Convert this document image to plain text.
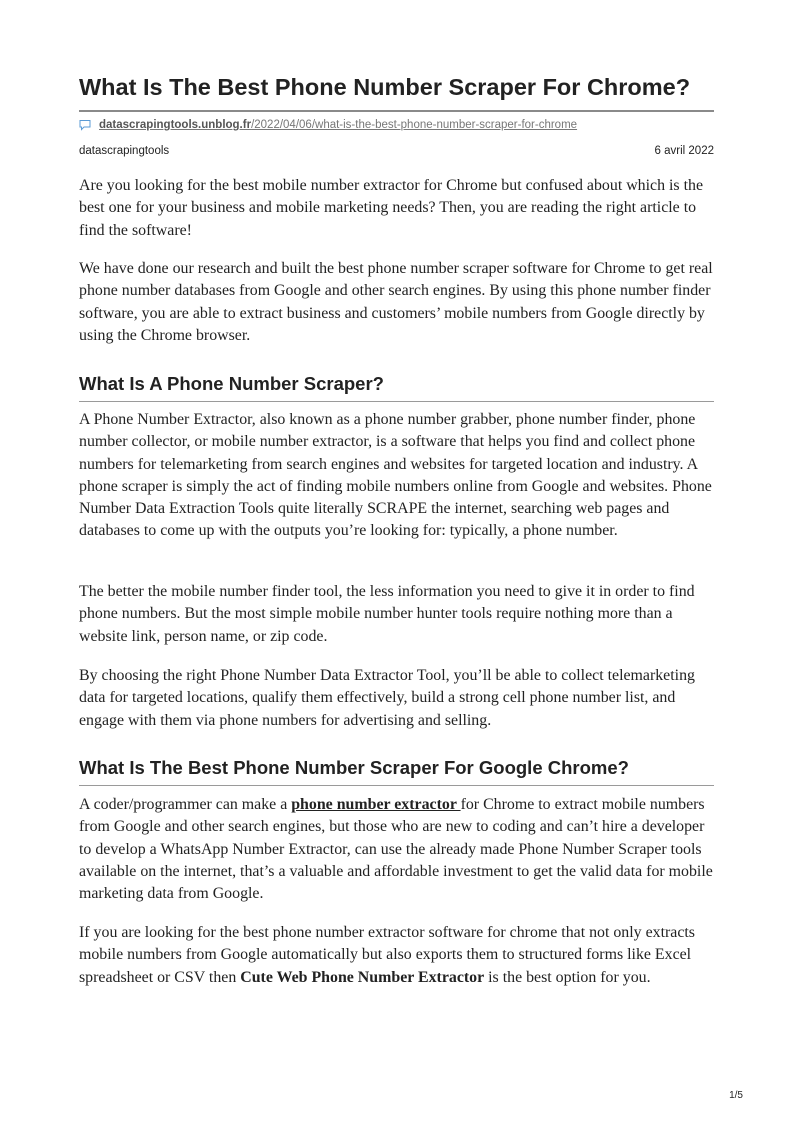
What Is The Best Phone Number Scraper For Chrome?
datascrapingtools.unblog.fr/2022/04/06/what-is-the-best-phone-number-scraper-for-chrome
datascrapingtools	6 avril 2022

Are you looking for the best mobile number extractor for Chrome but confused about which is the best one for your business and mobile marketing needs? Then, you are reading the right article to find the software!

We have done our research and built the best phone number scraper software for Chrome to get real phone number databases from Google and other search engines. By using this phone number finder software, you are able to extract business and customers’ mobile numbers from Google directly by using the Chrome browser.

What Is A Phone Number Scraper?

A Phone Number Extractor, also known as a phone number grabber, phone number finder, phone number collector, or mobile number extractor, is a software that helps you find and collect phone numbers for telemarketing from search engines and websites for targeted location and industry. A phone scraper is simply the act of finding mobile numbers online from Google and websites. Phone Number Data Extraction Tools quite literally SCRAPE the internet, searching web pages and databases to come up with the outputs you’re looking for: typically, a phone number.

The better the mobile number finder tool, the less information you need to give it in order to find phone numbers. But the most simple mobile number hunter tools require nothing more than a website link, person name, or zip code.

By choosing the right Phone Number Data Extractor Tool, you’ll be able to collect telemarketing data for targeted locations, qualify them effectively, build a strong cell phone number list, and engage with them via phone numbers for advertising and selling.

What Is The Best Phone Number Scraper For Google Chrome?

A coder/programmer can make a phone number extractor for Chrome to extract mobile numbers from Google and other search engines, but those who are new to coding and can’t hire a developer to develop a WhatsApp Number Extractor, can use the already made Phone Number Scraper tools available on the internet, that’s a valuable and affordable investment to get the valid data for mobile marketing data from Google.

If you are looking for the best phone number extractor software for chrome that not only extracts mobile numbers from Google automatically but also exports them to structured forms like Excel spreadsheet or CSV then Cute Web Phone Number Extractor is the best option for you.

1/5
